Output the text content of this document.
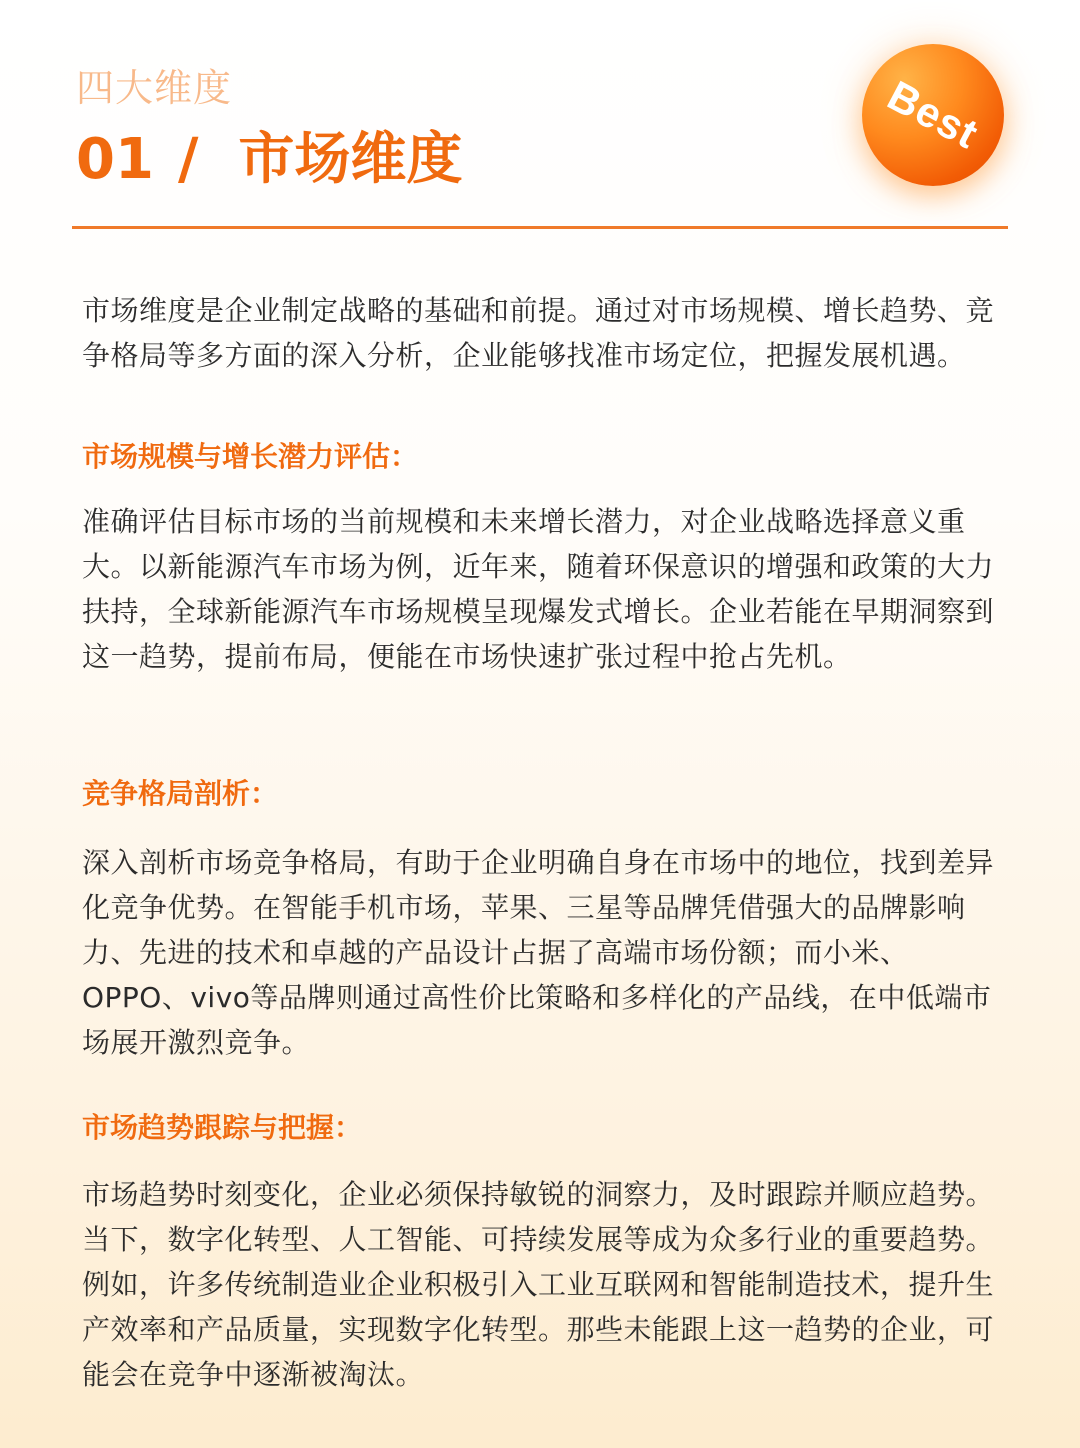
四大维度
01 / 市场维度
Best

市场维度是企业制定战略的基础和前提。通过对市场规模、增长趋势、竞争格局等多方面的深入分析，企业能够找准市场定位，把握发展机遇。

市场规模与增长潜力评估：

准确评估目标市场的当前规模和未来增长潜力，对企业战略选择意义重大。以新能源汽车市场为例，近年来，随着环保意识的增强和政策的大力扶持，全球新能源汽车市场规模呈现爆发式增长。企业若能在早期洞察到这一趋势，提前布局，便能在市场快速扩张过程中抢占先机。

竞争格局剖析：

深入剖析市场竞争格局，有助于企业明确自身在市场中的地位，找到差异化竞争优势。在智能手机市场，苹果、三星等品牌凭借强大的品牌影响力、先进的技术和卓越的产品设计占据了高端市场份额；而小米、OPPO、vivo等品牌则通过高性价比策略和多样化的产品线，在中低端市场展开激烈竞争。

市场趋势跟踪与把握：

市场趋势时刻变化，企业必须保持敏锐的洞察力，及时跟踪并顺应趋势。当下，数字化转型、人工智能、可持续发展等成为众多行业的重要趋势。例如，许多传统制造业企业积极引入工业互联网和智能制造技术，提升生产效率和产品质量，实现数字化转型。那些未能跟上这一趋势的企业，可能会在竞争中逐渐被淘汰。
